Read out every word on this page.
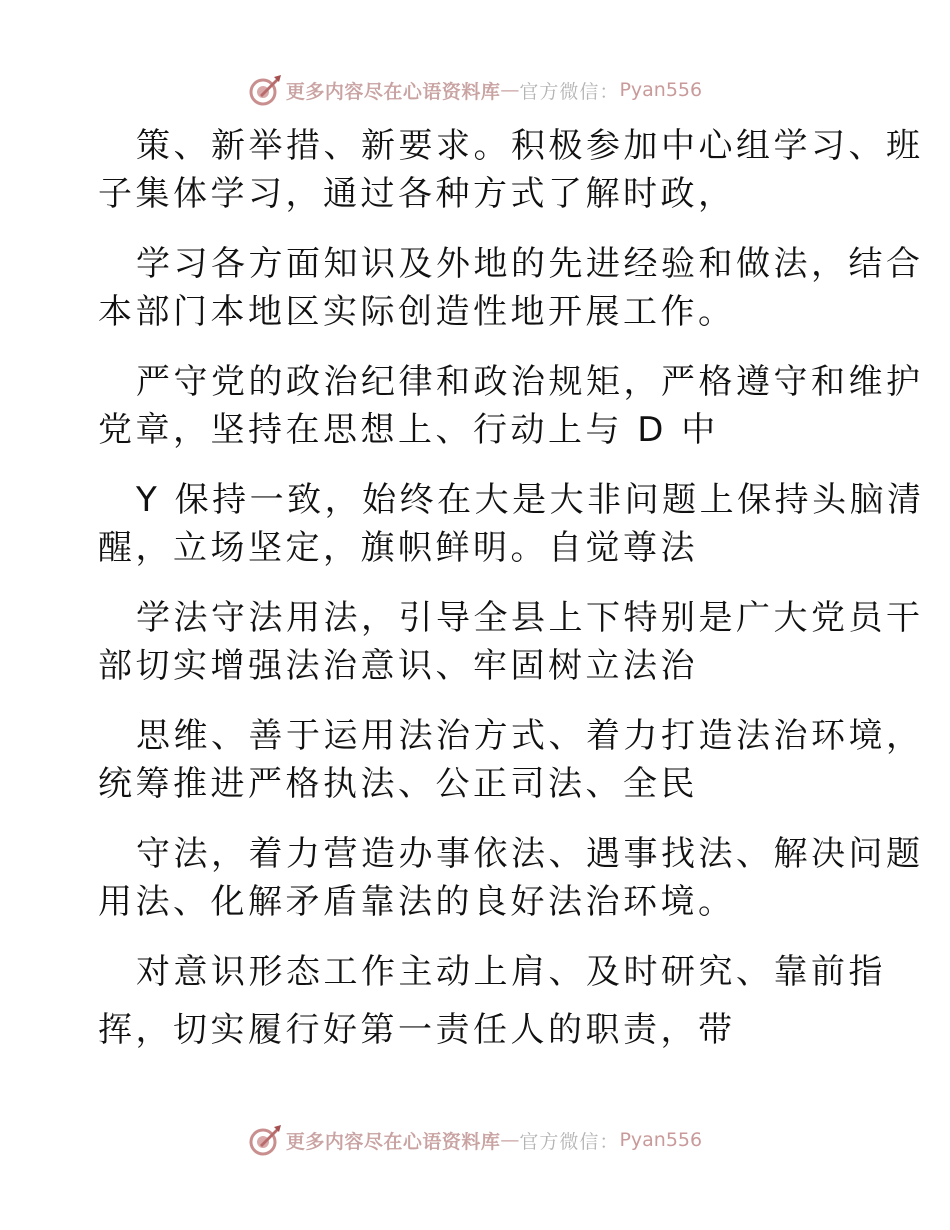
更多内容尽在心语资料库 — 官方微信： Pyan556
策、新举措、新要求。积极参加中心组学习、班
子集体学习，通过各种方式了解时政，
学习各方面知识及外地的先进经验和做法，结合
本部门本地区实际创造性地开展工作。
严守党的政治纪律和政治规矩，严格遵守和维护
党章，坚持在思想上、行动上与 D 中
Y 保持一致，始终在大是大非问题上保持头脑清
醒，立场坚定，旗帜鲜明。自觉尊法
学法守法用法，引导全县上下特别是广大党员干
部切实增强法治意识、牢固树立法治
思维、善于运用法治方式、着力打造法治环境，
统筹推进严格执法、公正司法、全民
守法，着力营造办事依法、遇事找法、解决问题
用法、化解矛盾靠法的良好法治环境。
对意识形态工作主动上肩、及时研究、靠前指
挥，切实履行好第一责任人的职责，带
更多内容尽在心语资料库 — 官方微信： Pyan556
